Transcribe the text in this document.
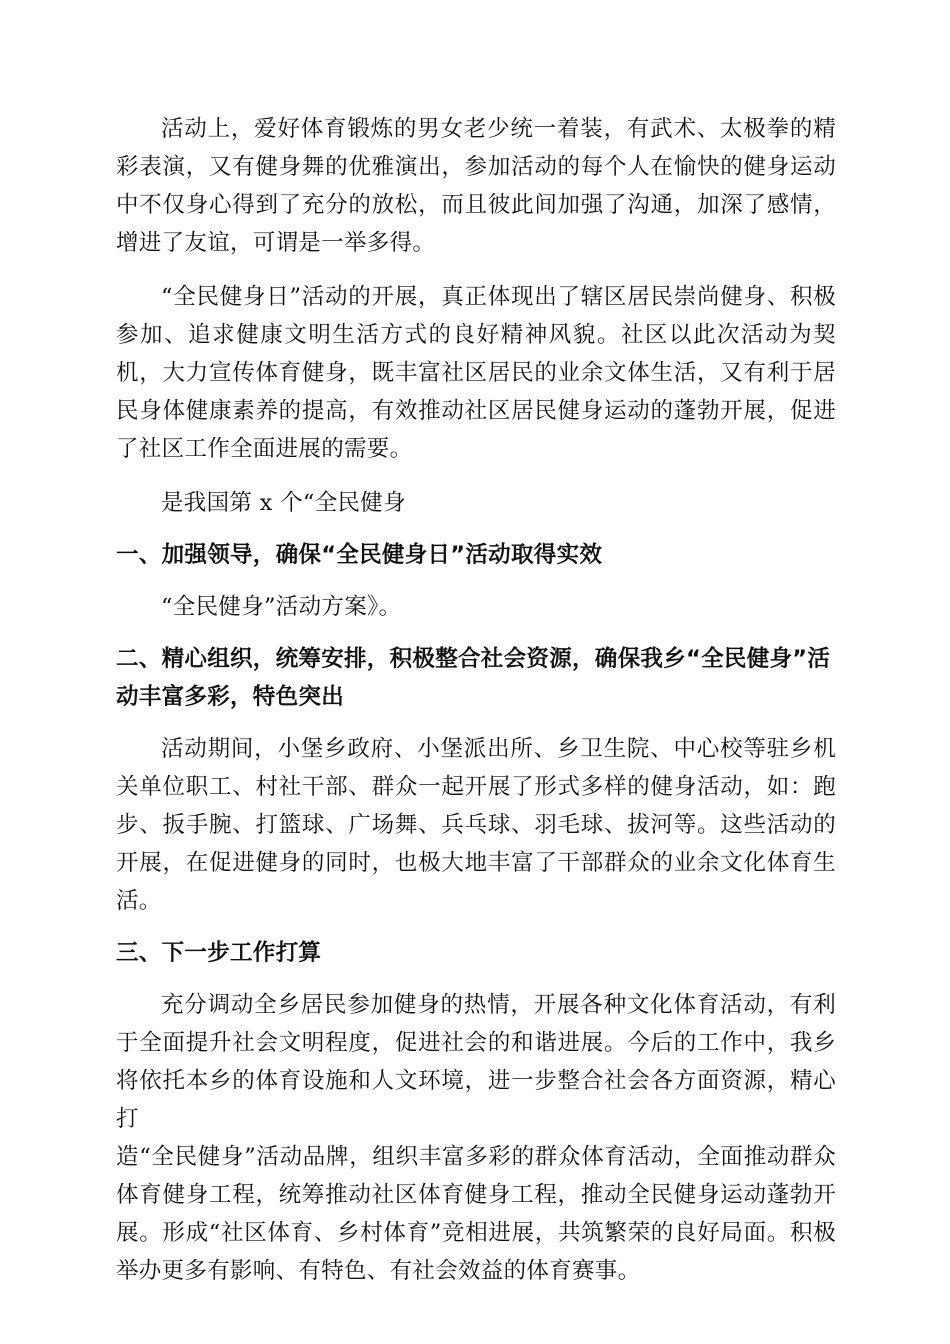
活动上，爱好体育锻炼的男女老少统一着装，有武术、太极拳的精彩表演，又有健身舞的优雅演出，参加活动的每个人在愉快的健身运动中不仅身心得到了充分的放松，而且彼此间加强了沟通，加深了感情，增进了友谊，可谓是一举多得。

“全民健身日”活动的开展，真正体现出了辖区居民崇尚健身、积极参加、追求健康文明生活方式的良好精神风貌。社区以此次活动为契机，大力宣传体育健身，既丰富社区居民的业余文体生活，又有利于居民身体健康素养的提高，有效推动社区居民健身运动的蓬勃开展，促进了社区工作全面进展的需要。

是我国第 x 个“全民健身

一、加强领导，确保“全民健身日”活动取得实效

“全民健身”活动方案》。

二、精心组织，统筹安排，积极整合社会资源，确保我乡“全民健身”活
动丰富多彩，特色突出

活动期间，小堡乡政府、小堡派出所、乡卫生院、中心校等驻乡机关单位职工、村社干部、群众一起开展了形式多样的健身活动，如：跑步、扳手腕、打篮球、广场舞、兵乓球、羽毛球、拔河等。这些活动的开展，在促进健身的同时，也极大地丰富了干部群众的业余文化体育生活。

三、下一步工作打算

充分调动全乡居民参加健身的热情，开展各种文化体育活动，有利于全面提升社会文明程度，促进社会的和谐进展。今后的工作中，我乡将依托本乡的体育设施和人文环境，进一步整合社会各方面资源，精心打
造“全民健身”活动品牌，组织丰富多彩的群众体育活动，全面推动群众体育健身工程，统筹推动社区体育健身工程，推动全民健身运动蓬勃开展。形成“社区体育、乡村体育”竞相进展，共筑繁荣的良好局面。积极举办更多有影响、有特色、有社会效益的体育赛事。
